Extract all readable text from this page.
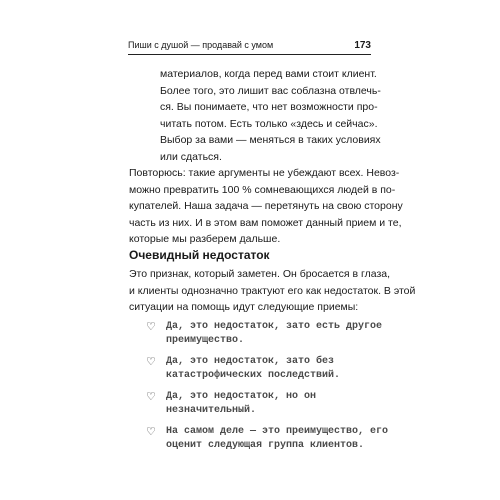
Пиши с душой — продавай с умом	173
материалов, когда перед вами стоит клиент.
Более того, это лишит вас соблазна отвлечь-
ся. Вы понимаете, что нет возможности про-
читать потом. Есть только «здесь и сейчас».
Выбор за вами — меняться в таких условиях
или сдаться.
Повторюсь: такие аргументы не убеждают всех. Невоз-
можно превратить 100 % сомневающихся людей в по-
купателей. Наша задача — перетянуть на свою сторону
часть из них. И в этом вам поможет данный прием и те,
которые мы разберем дальше.
Очевидный недостаток
Это признак, который заметен. Он бросается в глаза,
и клиенты однозначно трактуют его как недостаток. В этой
ситуации на помощь идут следующие приемы:
♡ Да, это недостаток, зато есть другое
преимущество.
♡ Да, это недостаток, зато без
катастрофических последствий.
♡ Да, это недостаток, но он
незначительный.
♡ На самом деле — это преимущество, его
оценит следующая группа клиентов.
